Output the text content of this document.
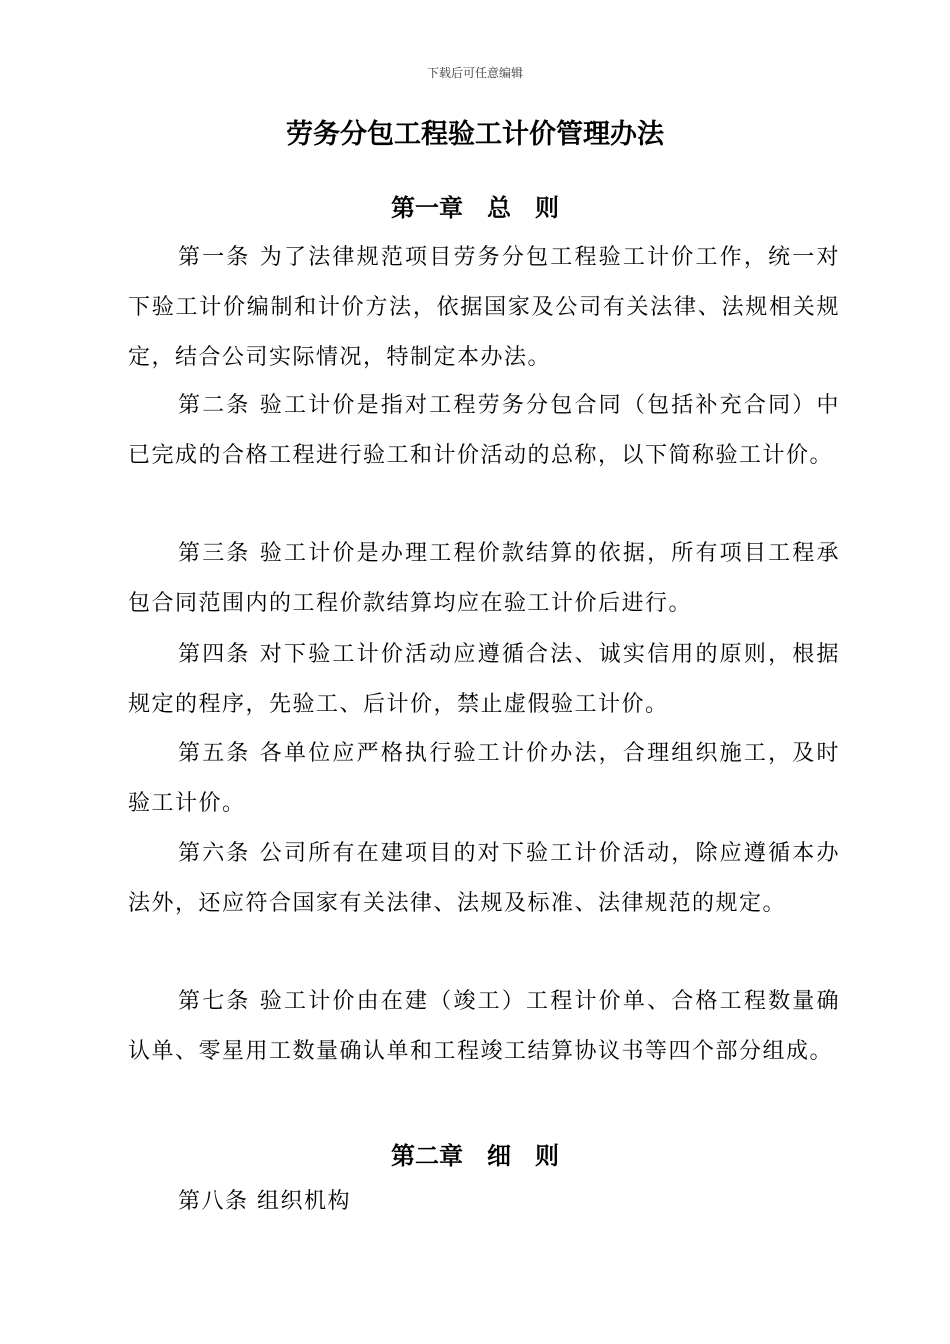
下载后可任意编辑
劳务分包工程验工计价管理办法
第一章　总　则

第一条 为了法律规范项目劳务分包工程验工计价工作，统一对下验工计价编制和计价方法，依据国家及公司有关法律、法规相关规定，结合公司实际情况，特制定本办法。

第二条 验工计价是指对工程劳务分包合同（包括补充合同）中已完成的合格工程进行验工和计价活动的总称，以下简称验工计价。

第三条 验工计价是办理工程价款结算的依据，所有项目工程承包合同范围内的工程价款结算均应在验工计价后进行。

第四条 对下验工计价活动应遵循合法、诚实信用的原则，根据规定的程序，先验工、后计价，禁止虚假验工计价。

第五条 各单位应严格执行验工计价办法，合理组织施工，及时验工计价。

第六条 公司所有在建项目的对下验工计价活动，除应遵循本办法外，还应符合国家有关法律、法规及标准、法律规范的规定。

第七条 验工计价由在建（竣工）工程计价单、合格工程数量确认单、零星用工数量确认单和工程竣工结算协议书等四个部分组成。

第二章　细　则

第八条 组织机构
